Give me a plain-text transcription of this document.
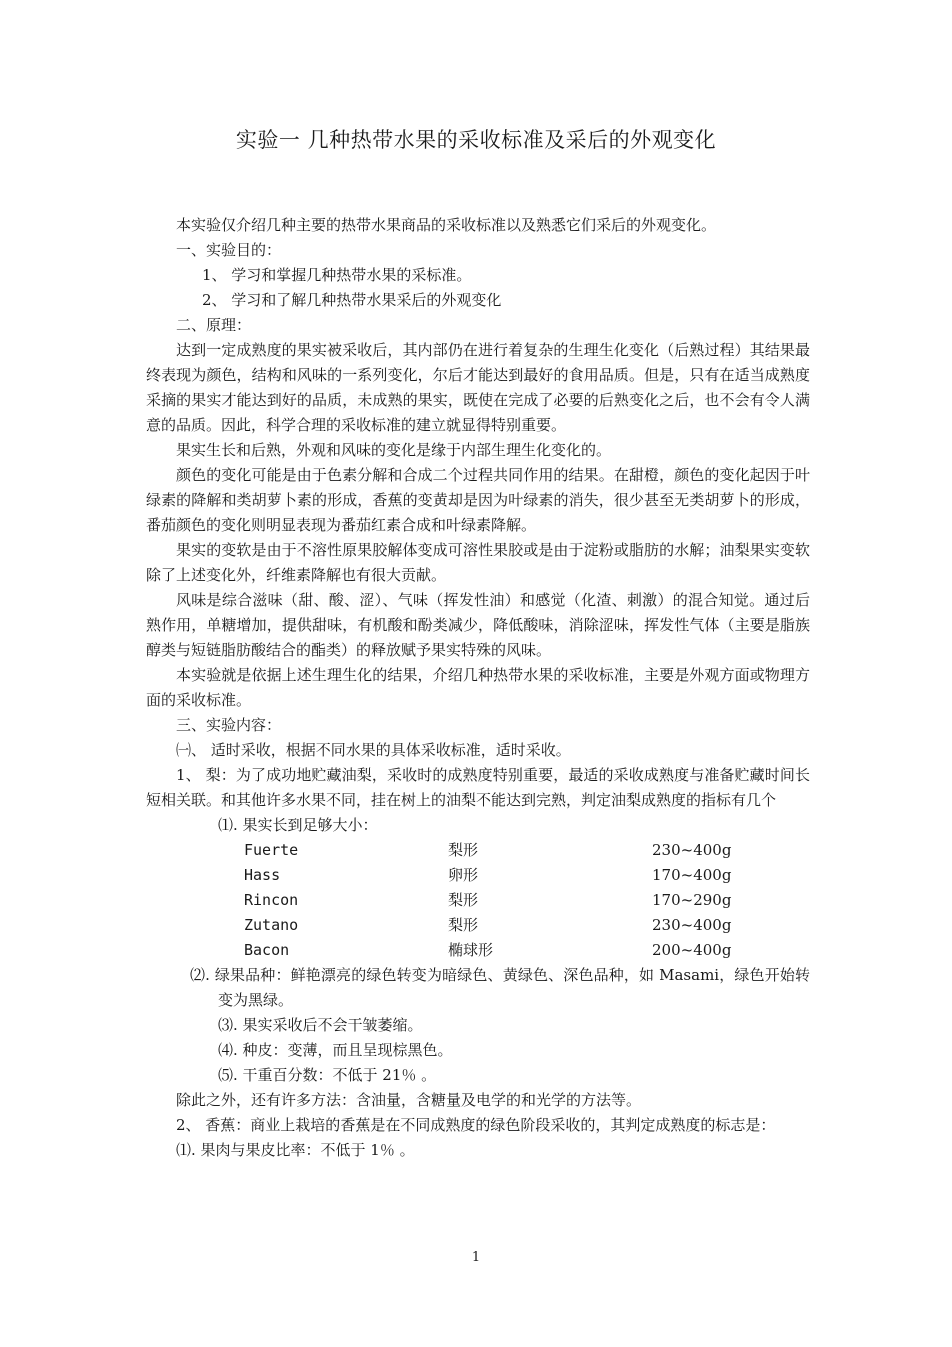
实验一 几种热带水果的采收标准及采后的外观变化

本实验仅介绍几种主要的热带水果商品的采收标准以及熟悉它们采后的外观变化。

一、实验目的：

1、 学习和掌握几种热带水果的采标准。

2、 学习和了解几种热带水果采后的外观变化

二、原理：

达到一定成熟度的果实被采收后，其内部仍在进行着复杂的生理生化变化（后熟过程）其结果最终表现为颜色，结构和风味的一系列变化，尔后才能达到最好的食用品质。但是，只有在适当成熟度采摘的果实才能达到好的品质，未成熟的果实，既使在完成了必要的后熟变化之后，也不会有令人满意的品质。因此，科学合理的采收标准的建立就显得特别重要。

果实生长和后熟，外观和风味的变化是缘于内部生理生化变化的。

颜色的变化可能是由于色素分解和合成二个过程共同作用的结果。在甜橙，颜色的变化起因于叶绿素的降解和类胡萝卜素的形成，香蕉的变黄却是因为叶绿素的消失，很少甚至无类胡萝卜的形成，番茄颜色的变化则明显表现为番茄红素合成和叶绿素降解。

果实的变软是由于不溶性原果胶解体变成可溶性果胶或是由于淀粉或脂肪的水解；油梨果实变软除了上述变化外，纤维素降解也有很大贡献。

风味是综合滋味（甜、酸、涩）、气味（挥发性油）和感觉（化渣、刺激）的混合知觉。通过后熟作用，单糖增加，提供甜味，有机酸和酚类减少，降低酸味，消除涩味，挥发性气体（主要是脂族醇类与短链脂肪酸结合的酯类）的释放赋予果实特殊的风味。

本实验就是依据上述生理生化的结果，介绍几种热带水果的采收标准，主要是外观方面或物理方面的采收标准。

三、实验内容：

㈠、 适时采收，根据不同水果的具体采收标准，适时采收。

1、 梨：为了成功地贮藏油梨，采收时的成熟度特别重要，最适的采收成熟度与准备贮藏时间长短相关联。和其他许多水果不同，挂在树上的油梨不能达到完熟，判定油梨成熟度的指标有几个

⑴. 果实长到足够大小：

Fuerte	梨形	230~400g
Hass	卵形	170~400g
Rincon	梨形	170~290g
Zutano	梨形	230~400g
Bacon	椭球形	200~400g

⑵. 绿果品种：鲜艳漂亮的绿色转变为暗绿色、黄绿色、深色品种，如 Masami，绿色开始转变为黑绿。

⑶. 果实采收后不会干皱萎缩。

⑷. 种皮：变薄，而且呈现棕黑色。

⑸. 干重百分数：不低于 21％ 。

除此之外，还有许多方法：含油量，含糖量及电学的和光学的方法等。

2、 香蕉：商业上栽培的香蕉是在不同成熟度的绿色阶段采收的，其判定成熟度的标志是：

⑴. 果肉与果皮比率：不低于 1％ 。

1
